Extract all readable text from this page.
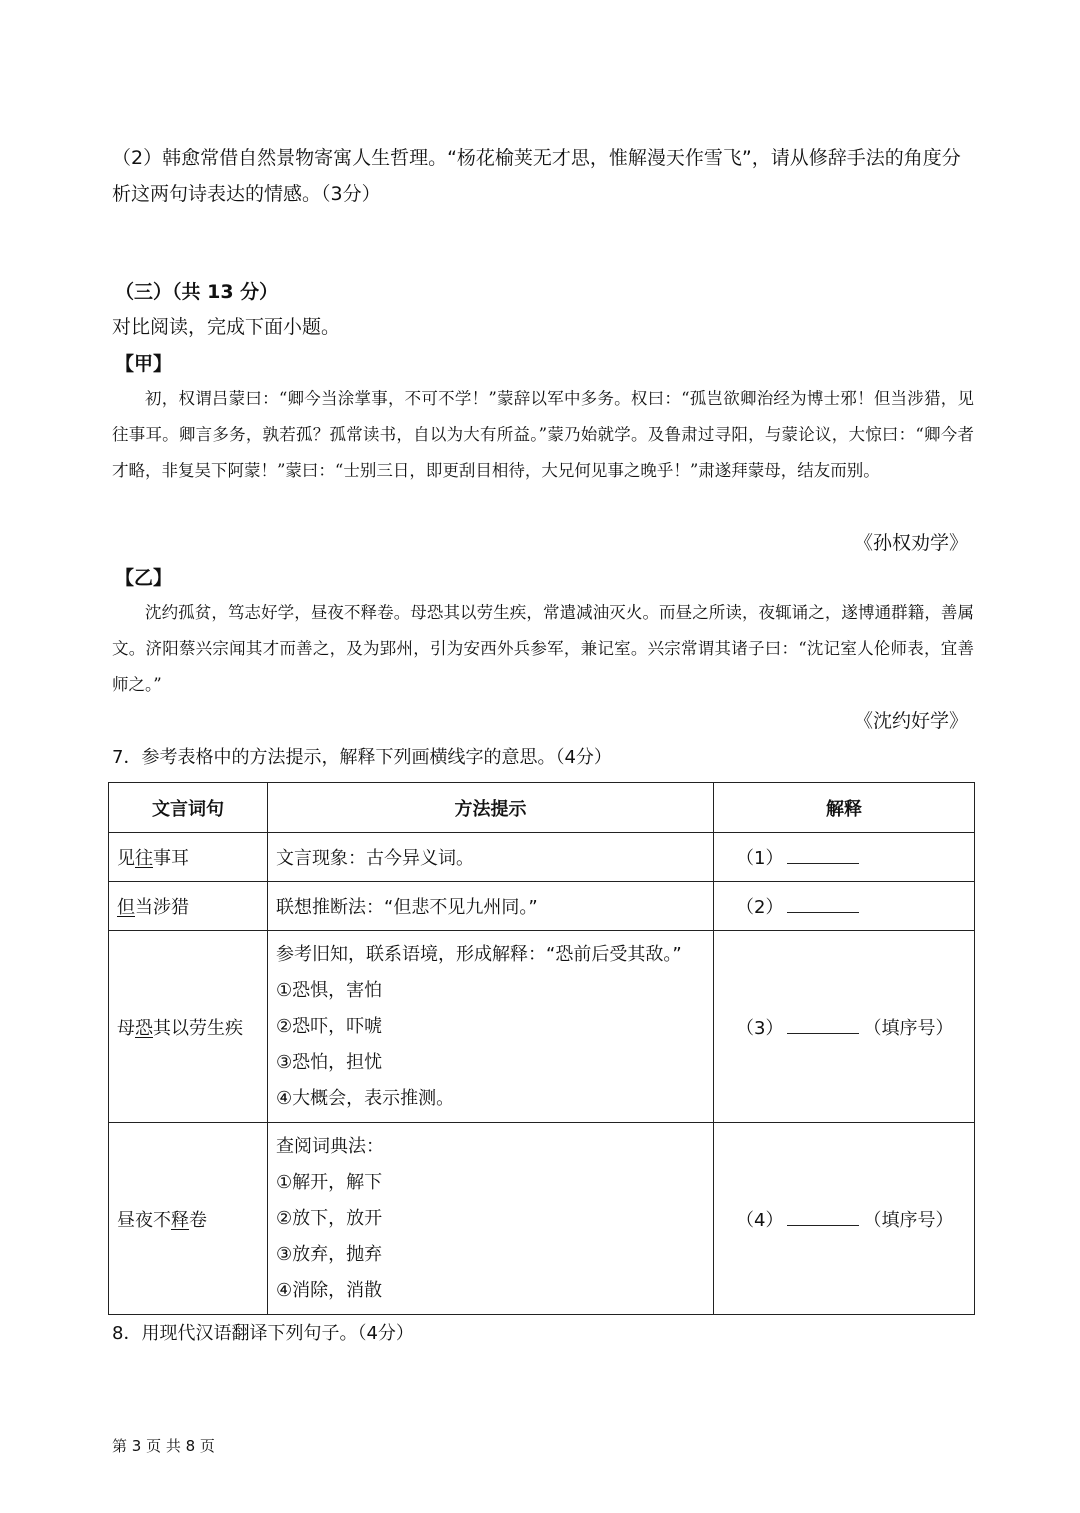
（2）韩愈常借自然景物寄寓人生哲理。“杨花榆荚无才思，惟解漫天作雪飞”，请从修辞手法的角度分析这两句诗表达的情感。（3分）

（三）（共 13 分）
对比阅读，完成下面小题。
【甲】

初，权谓吕蒙曰：“卿今当涂掌事，不可不学！”蒙辞以军中多务。权曰：“孤岂欲卿治经为博士邪！但当涉猎，见往事耳。卿言多务，孰若孤？孤常读书，自以为大有所益。”蒙乃始就学。及鲁肃过寻阳，与蒙论议，大惊曰：“卿今者才略，非复吴下阿蒙！”蒙曰：“士别三日，即更刮目相待，大兄何见事之晚乎！”肃遂拜蒙母，结友而别。

《孙权劝学》
【乙】

沈约孤贫，笃志好学，昼夜不释卷。母恐其以劳生疾，常遣减油灭火。而昼之所读，夜辄诵之，遂博通群籍，善属文。济阳蔡兴宗闻其才而善之，及为郢州，引为安西外兵参军，兼记室。兴宗常谓其诸子曰：“沈记室人伦师表，宜善师之。”

《沈约好学》
7．参考表格中的方法提示，解释下列画横线字的意思。（4分）
文言词句	方法提示	解释
见往事耳	文言现象：古今异义词。	（1）
但当涉猎	联想推断法：“但悲不见九州同。”	（2）
母恐其以劳生疾	参考旧知，联系语境，形成解释：“恐前后受其敌。”
①恐惧，害怕
②恐吓，吓唬
③恐怕，担忧
④大概会，表示推测。	（3） （填序号）
昼夜不释卷	查阅词典法：
①解开，解下
②放下，放开
③放弃，抛弃
④消除，消散	（4） （填序号）
8．用现代汉语翻译下列句子。（4分）
第 3 页 共 8 页
